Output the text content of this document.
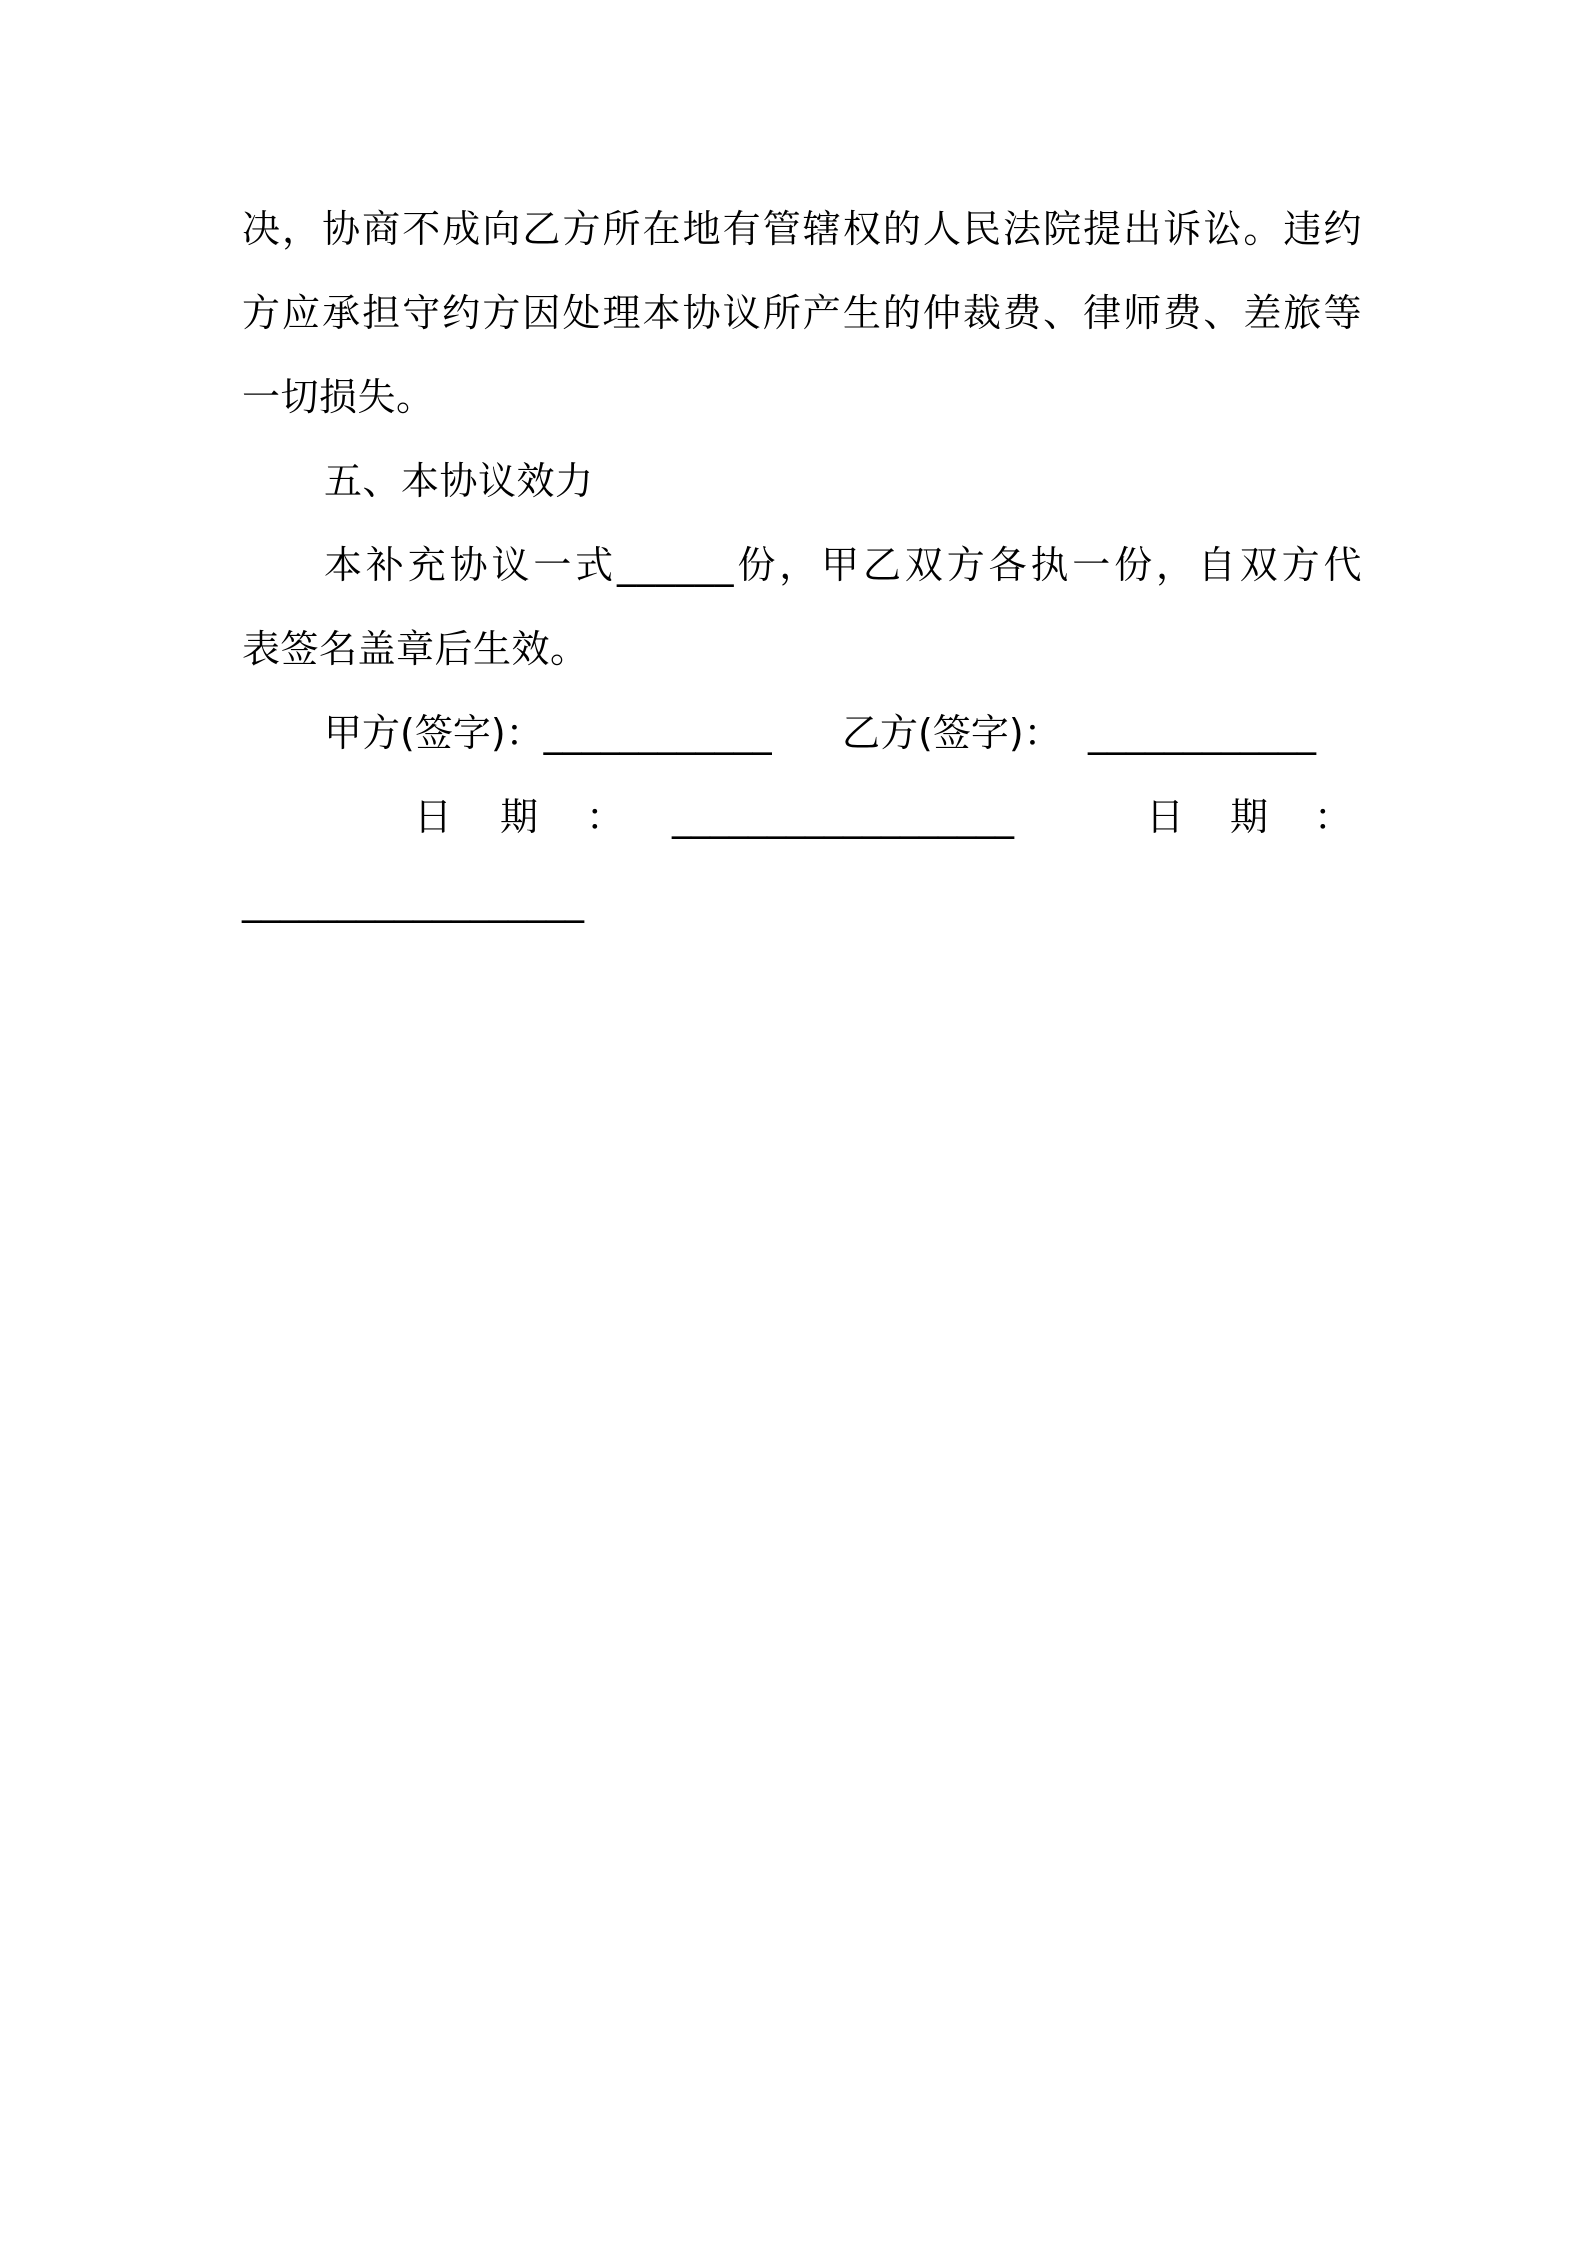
决，协商不成向乙方所在地有管辖权的人民法院提出诉讼。违约
方应承担守约方因处理本协议所产生的仲裁费、律师费、差旅等
一切损失。
五、本协议效力
本补充协议一式______份，甲乙双方各执一份，自双方代
表签名盖章后生效。
甲方(签字)：____________ 乙方(签字)： ____________
日 期 ： __________________	日 期 ：
__________________
